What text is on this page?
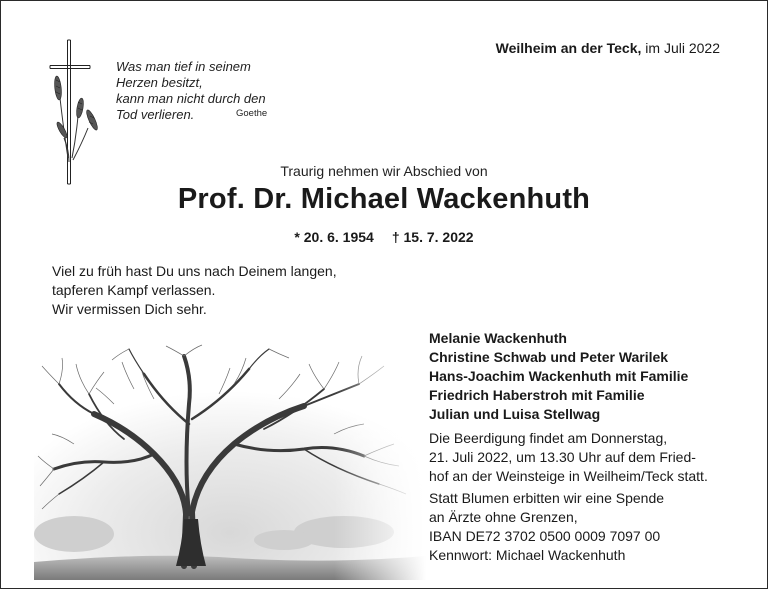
Was man tief in seinem
Herzen besitzt,
kann man nicht durch den
Tod verlieren.	Goethe
Weilheim an der Teck, im Juli 2022
Traurig nehmen wir Abschied von
Prof. Dr. Michael Wackenhuth
* 20. 6. 1954 † 15. 7. 2022
Viel zu früh hast Du uns nach Deinem langen,
tapferen Kampf verlassen.
Wir vermissen Dich sehr.
Melanie Wackenhuth
Christine Schwab und Peter Warilek
Hans-Joachim Wackenhuth mit Familie
Friedrich Haberstroh mit Familie
Julian und Luisa Stellwag
Die Beerdigung findet am Donnerstag,
21. Juli 2022, um 13.30 Uhr auf dem Fried-
hof an der Weinsteige in Weilheim/Teck statt.
Statt Blumen erbitten wir eine Spende
an Ärzte ohne Grenzen,
IBAN DE72 3702 0500 0009 7097 00
Kennwort: Michael Wackenhuth
